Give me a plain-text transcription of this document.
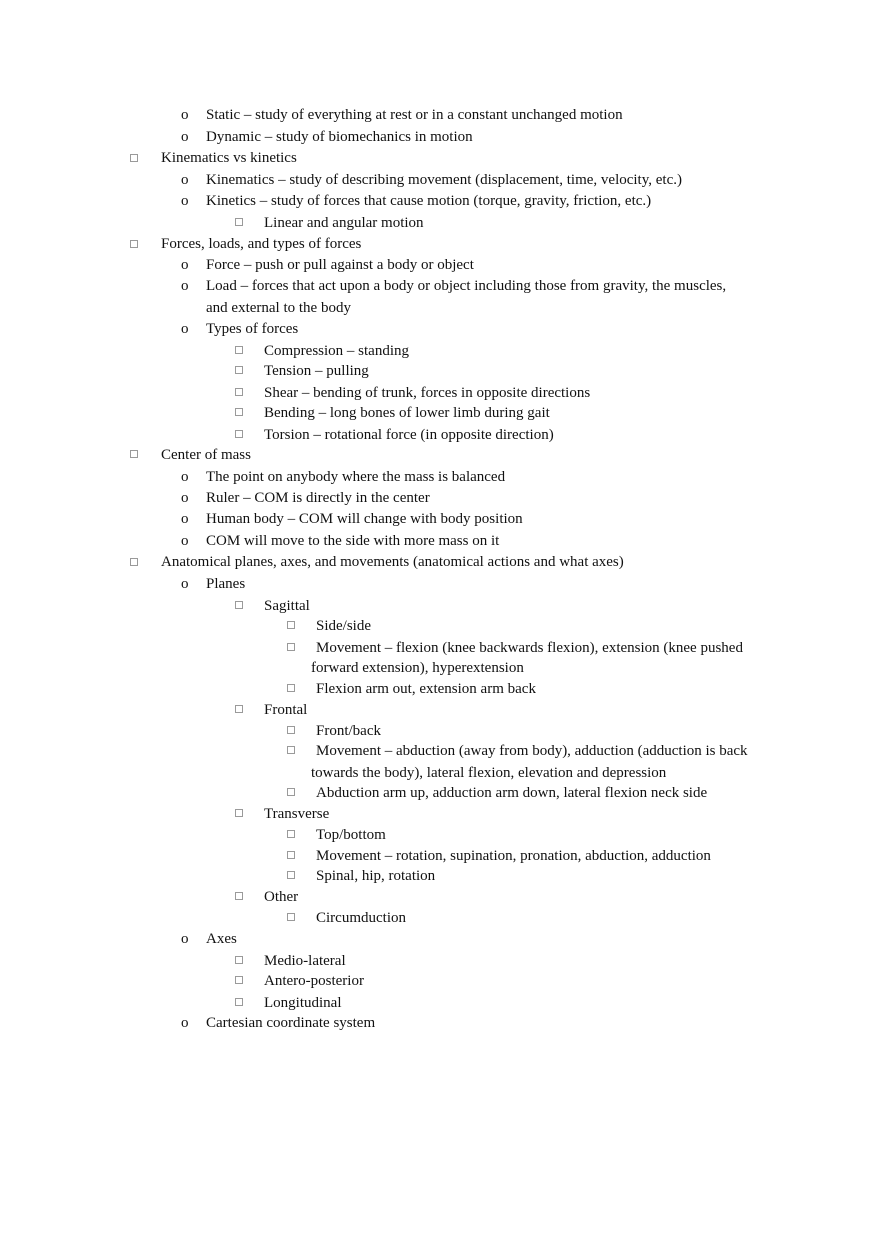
o Static – study of everything at rest or in a constant unchanged motion
o Dynamic – study of biomechanics in motion
Kinematics vs kinetics
o Kinematics – study of describing movement (displacement, time, velocity, etc.)
o Kinetics – study of forces that cause motion (torque, gravity, friction, etc.)
Linear and angular motion
Forces, loads, and types of forces
o Force – push or pull against a body or object
o Load – forces that act upon a body or object including those from gravity, the muscles,
and external to the body
o Types of forces
Compression – standing
Tension – pulling
Shear – bending of trunk, forces in opposite directions
Bending – long bones of lower limb during gait
Torsion – rotational force (in opposite direction)
Center of mass
o The point on anybody where the mass is balanced
o Ruler – COM is directly in the center
o Human body – COM will change with body position
o COM will move to the side with more mass on it
Anatomical planes, axes, and movements (anatomical actions and what axes)
o Planes
Sagittal
Side/side
Movement – flexion (knee backwards flexion), extension (knee pushed
forward extension), hyperextension
Flexion arm out, extension arm back
Frontal
Front/back
Movement – abduction (away from body), adduction (adduction is back
towards the body), lateral flexion, elevation and depression
Abduction arm up, adduction arm down, lateral flexion neck side
Transverse
Top/bottom
Movement – rotation, supination, pronation, abduction, adduction
Spinal, hip, rotation
Other
Circumduction
o Axes
Medio-lateral
Antero-posterior
Longitudinal
o Cartesian coordinate system
